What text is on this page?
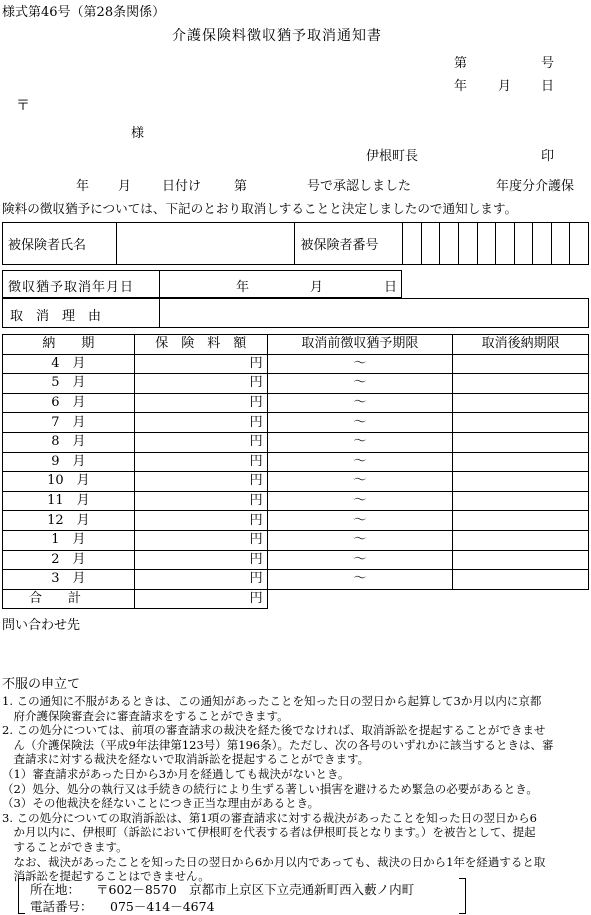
様式第46号（第28条関係）
介護保険料徴収猶予取消通知書
第	号
年 月 日
〒
様
伊根町長	印
年 月 日付け	第	号で承認しました	年度分介護保
険料の徴収猶予については、下記のとおり取消しすることと決定しましたので通知します。
被保険者氏名		被保険者番号										
徴収猶予取消年月日	年	月	日
取　消　理　由
納　　期	保　険　料　額	取消前徴収猶予期限	取消後納期限
4　月	円	〜	
5　月	円	〜	
6　月	円	〜	
7　月	円	〜	
8　月	円	〜	
9　月	円	〜	
10　月	円	〜	
11　月	円	〜	
12　月	円	〜	
1　月	円	〜	
2　月	円	〜	
3　月	円	〜	
合　　計	円		
問い合わせ先
不服の申立て
1. この通知に不服があるときは、この通知があったことを知った日の翌日から起算して3か月以内に京都
　府介護保険審査会に審査請求をすることができます。
2. この処分については、前項の審査請求の裁決を経た後でなければ、取消訴訟を提起することができませ
　ん（介護保険法（平成9年法律第123号）第196条）。ただし、次の各号のいずれかに該当するときは、審
　査請求に対する裁決を経ないで取消訴訟を提起することができます。
（1）審査請求があった日から3か月を経過しても裁決がないとき。
（2）処分、処分の執行又は手続きの続行により生ずる著しい損害を避けるため緊急の必要があるとき。
（3）その他裁決を経ないことにつき正当な理由があるとき。
3. この処分についての取消訴訟は、第1項の審査請求に対する裁決があったことを知った日の翌日から6
　か月以内に、伊根町（訴訟において伊根町を代表する者は伊根町長となります。）を被告として、提起
　することができます。
　なお、裁決があったことを知った日の翌日から6か月以内であっても、裁決の日から1年を経過すると取
　消訴訟を提起することはできません。
所在地： 〒602－8570　京都市上京区下立売通新町西入藪ノ内町
電話番号： 075－414－4674
